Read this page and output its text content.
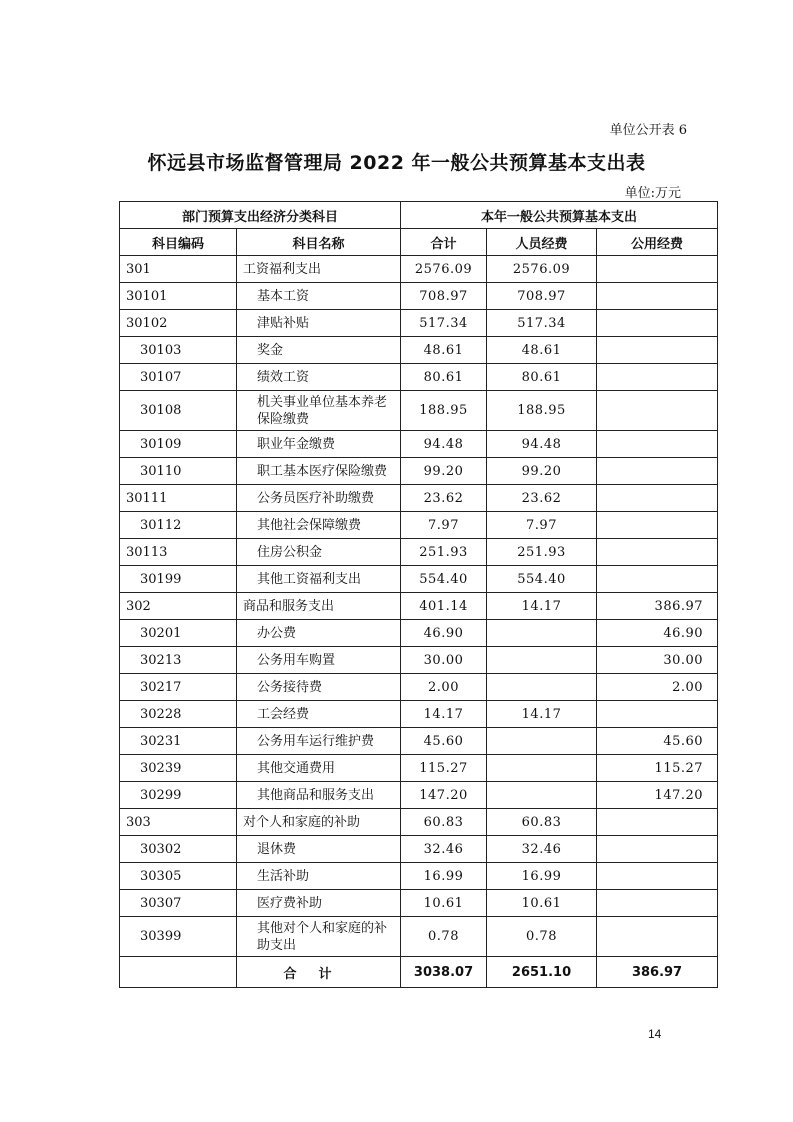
单位公开表 6
怀远县市场监督管理局 2022 年一般公共预算基本支出表
单位:万元
部门预算支出经济分类科目		本年一般公共预算基本支出		
科目编码	科目名称	合计	人员经费	公用经费
301	工资福利支出	2576.09	2576.09	
30101	基本工资	708.97	708.97	
30102	津贴补贴	517.34	517.34	
30103	奖金	48.61	48.61	
30107	绩效工资	80.61	80.61	
30108	机关事业单位基本养老保险缴费	188.95	188.95	
30109	职业年金缴费	94.48	94.48	
30110	职工基本医疗保险缴费	99.20	99.20	
30111	公务员医疗补助缴费	23.62	23.62	
30112	其他社会保障缴费	7.97	7.97	
30113	住房公积金	251.93	251.93	
30199	其他工资福利支出	554.40	554.40	
302	商品和服务支出	401.14	14.17	386.97
30201	办公费	46.90		46.90
30213	公务用车购置	30.00		30.00
30217	公务接待费	2.00		2.00
30228	工会经费	14.17	14.17	
30231	公务用车运行维护费	45.60		45.60
30239	其他交通费用	115.27		115.27
30299	其他商品和服务支出	147.20		147.20
303	对个人和家庭的补助	60.83	60.83	
30302	退休费	32.46	32.46	
30305	生活补助	16.99	16.99	
30307	医疗费补助	10.61	10.61	
30399	其他对个人和家庭的补助支出	0.78	0.78	
	合计	3038.07	2651.10	386.97
14
